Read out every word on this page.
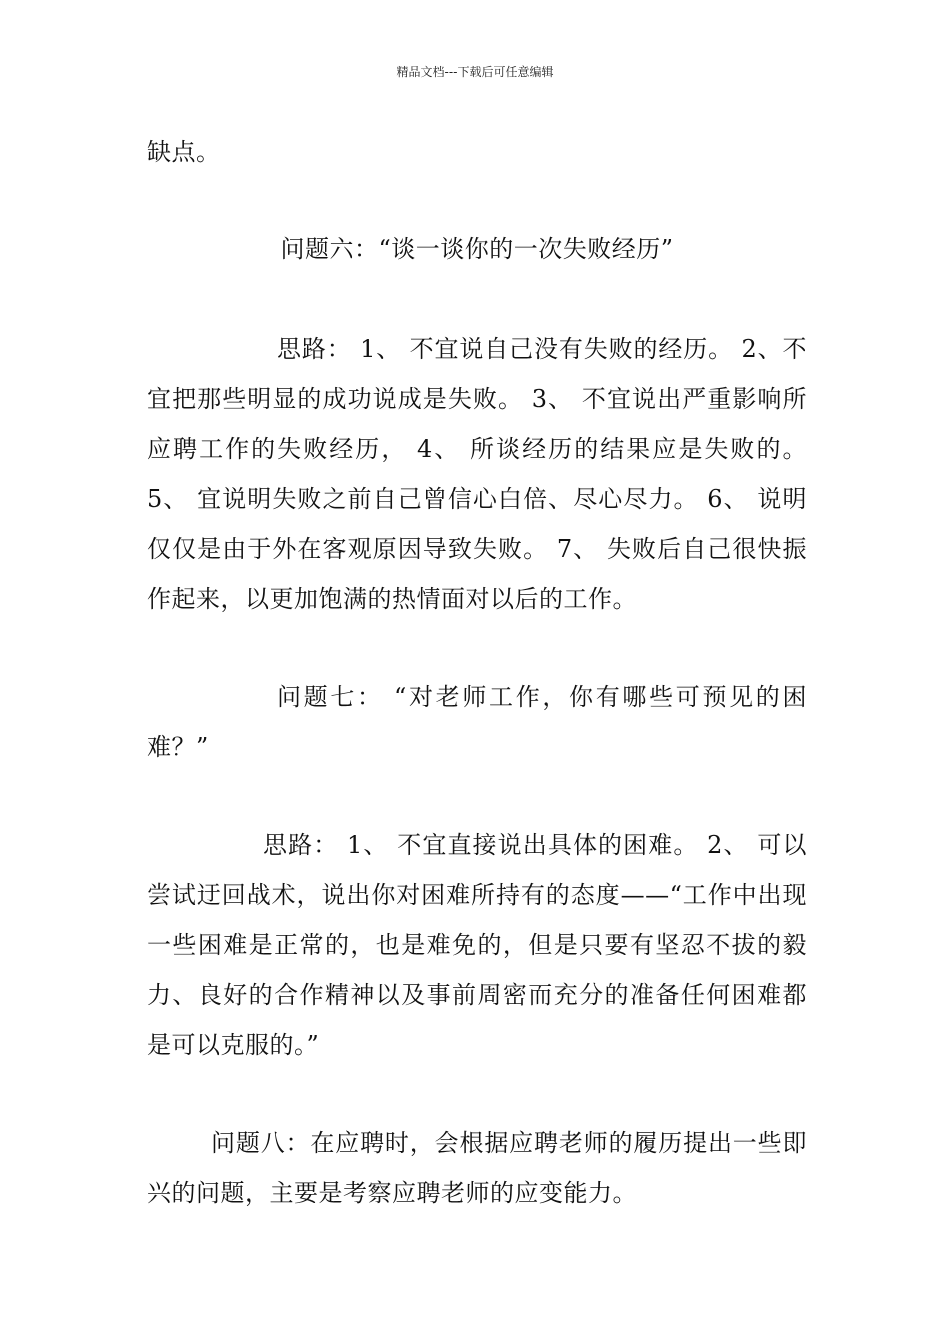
精品文档---下载后可任意编辑

缺点。

问题六：“谈一谈你的一次失败经历”

思路： 1、 不宜说自己没有失败的经历。 2、不宜把那些明显的成功说成是失败。 3、 不宜说出严重影响所应聘工作的失败经历， 4、 所谈经历的结果应是失败的。 5、 宜说明失败之前自己曾信心白倍、尽心尽力。 6、 说明仅仅是由于外在客观原因导致失败。 7、 失败后自己很快振作起来，以更加饱满的热情面对以后的工作。

问题七： “对老师工作，你有哪些可预见的困难？”

思路： 1、 不宜直接说出具体的困难。 2、 可以尝试迂回战术，说出你对困难所持有的态度——“工作中出现一些困难是正常的，也是难免的，但是只要有坚忍不拔的毅力、良好的合作精神以及事前周密而充分的准备任何困难都是可以克服的。”

问题八：在应聘时，会根据应聘老师的履历提出一些即兴的问题，主要是考察应聘老师的应变能力。
